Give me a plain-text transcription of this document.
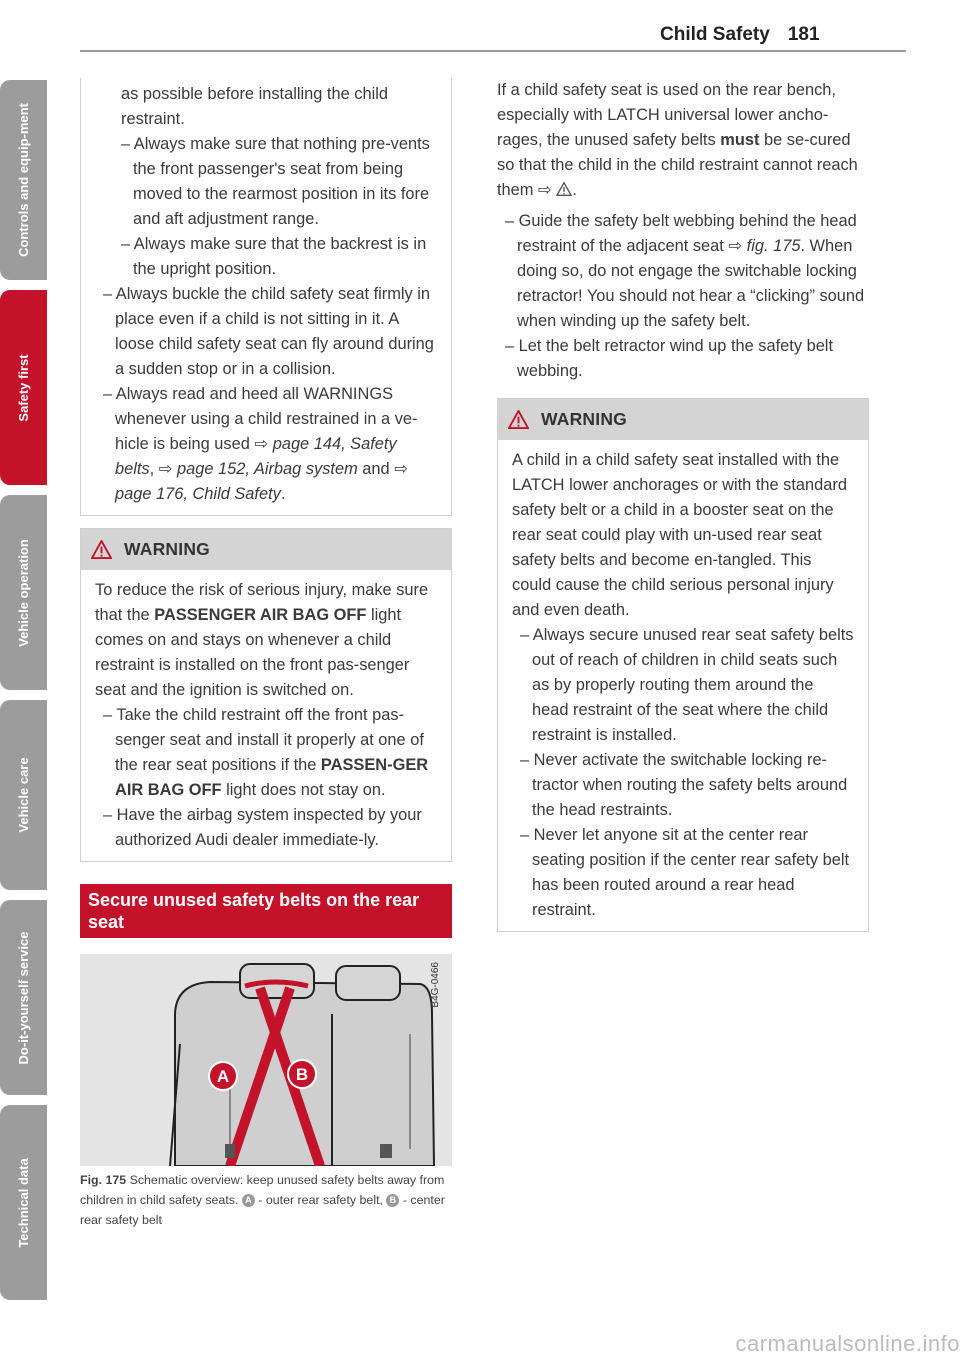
Child Safety 181

as possible before installing the child restraint.

– Always make sure that nothing pre-vents the front passenger's seat from being moved to the rearmost position in its fore and aft adjustment range.

– Always make sure that the backrest is in the upright position.

– Always buckle the child safety seat firmly in place even if a child is not sitting in it. A loose child safety seat can fly around during a sudden stop or in a collision.

– Always read and heed all WARNINGS whenever using a child restrained in a ve-hicle is being used ⇨ page 144, Safety belts, ⇨ page 152, Airbag system and ⇨ page 176, Child Safety.

WARNING

To reduce the risk of serious injury, make sure that the PASSENGER AIR BAG OFF light comes on and stays on whenever a child restraint is installed on the front pas-senger seat and the ignition is switched on.

– Take the child restraint off the front pas-senger seat and install it properly at one of the rear seat positions if the PASSEN-GER AIR BAG OFF light does not stay on.

– Have the airbag system inspected by your authorized Audi dealer immediate-ly.

Secure unused safety belts on the rear seat
A	B
B4G-0466

Fig. 175 Schematic overview: keep unused safety belts away from children in child safety seats. A - outer rear safety belt, B - center rear safety belt

If a child safety seat is used on the rear bench, especially with LATCH universal lower ancho-rages, the unused safety belts must be se-cured so that the child in the child restraint cannot reach them ⇨ .

– Guide the safety belt webbing behind the head restraint of the adjacent seat ⇨ fig. 175. When doing so, do not engage the switchable locking retractor! You should not hear a “clicking” sound when winding up the safety belt.

– Let the belt retractor wind up the safety belt webbing.

WARNING

A child in a child safety seat installed with the LATCH lower anchorages or with the standard safety belt or a child in a booster seat on the rear seat could play with un-used rear seat safety belts and become en-tangled. This could cause the child serious personal injury and even death.

– Always secure unused rear seat safety belts out of reach of children in child seats such as by properly routing them around the head restraint of the seat where the child restraint is installed.

– Never activate the switchable locking re-tractor when routing the safety belts around the head restraints.

– Never let anyone sit at the center rear seating position if the center rear safety belt has been routed around a rear head restraint.

Controls and equip-ment
Safety first
Vehicle operation
Vehicle care
Do-it-yourself service
Technical data
carmanualsonline.info
